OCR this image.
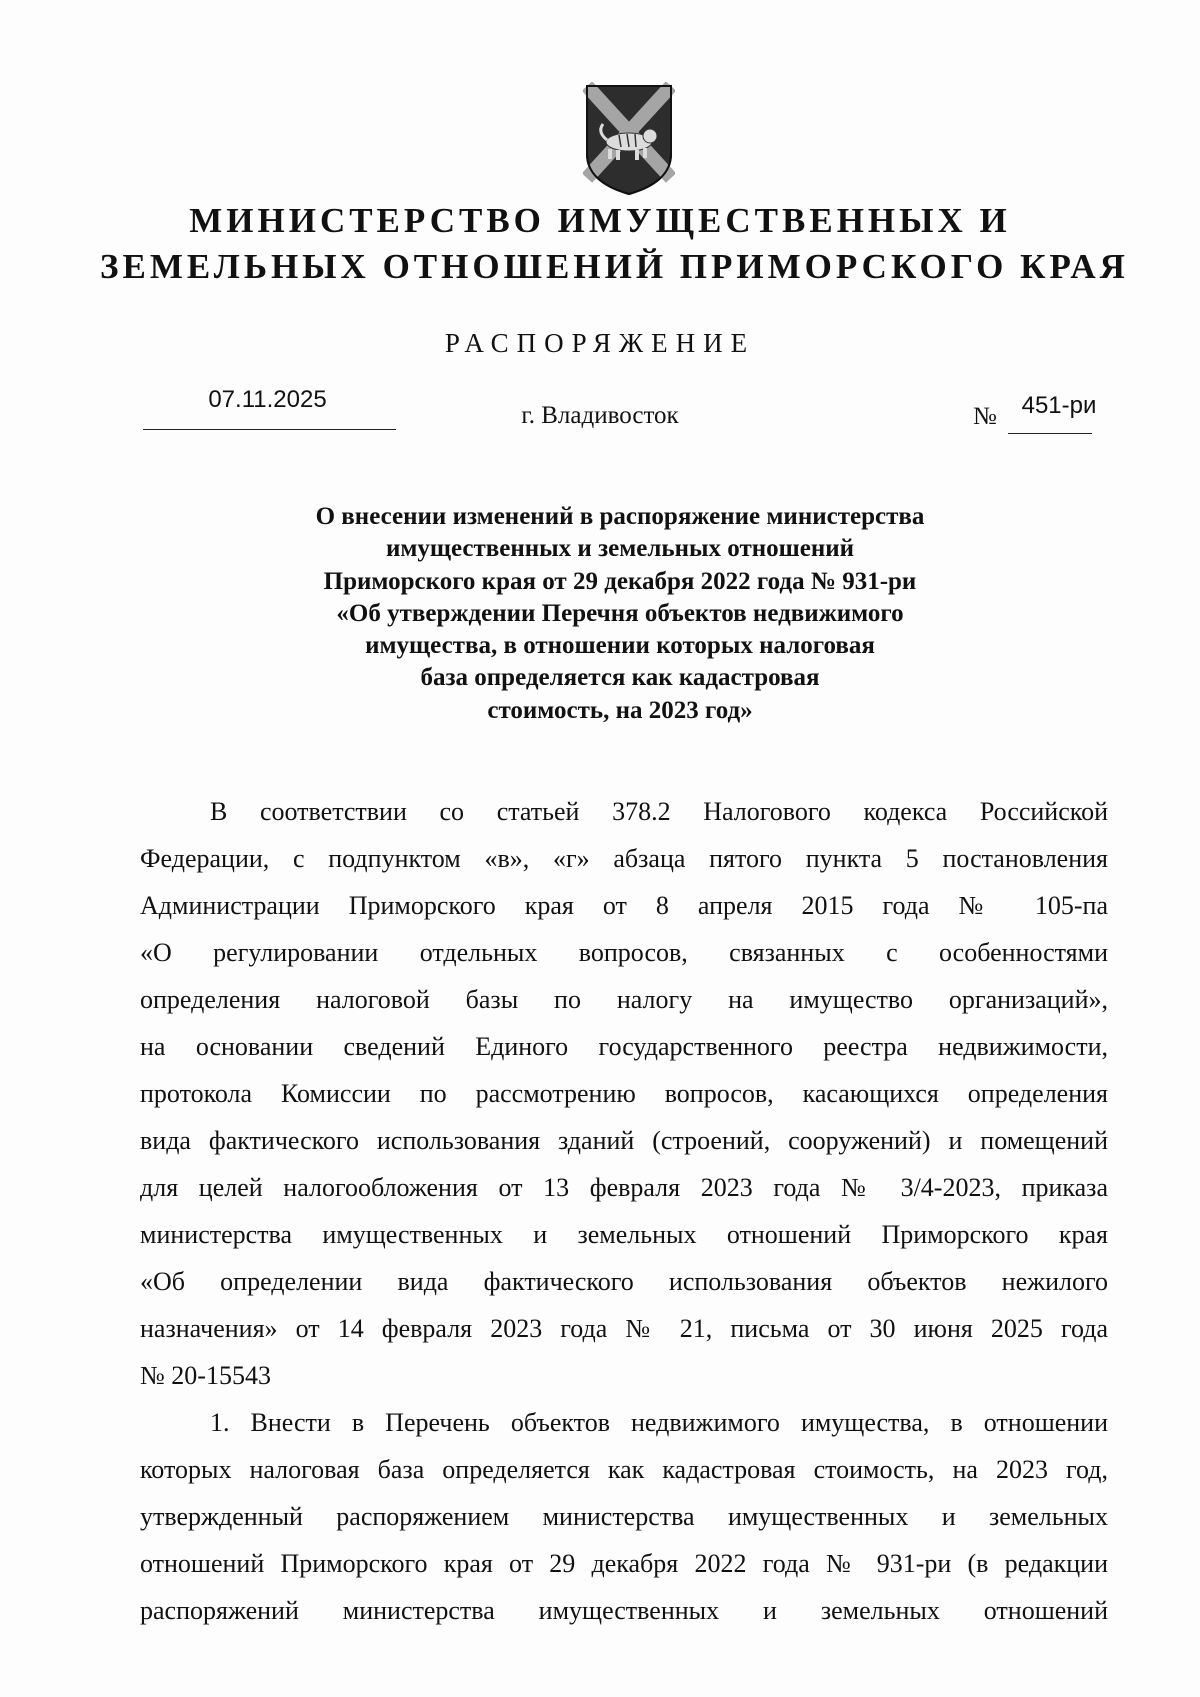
МИНИСТЕРСТВО ИМУЩЕСТВЕННЫХ И
ЗЕМЕЛЬНЫХ ОТНОШЕНИЙ ПРИМОРСКОГО КРАЯ
РАСПОРЯЖЕНИЕ
07.11.2025
г. Владивосток	№	451-ри
О внесении изменений в распоряжение министерства
имущественных и земельных отношений
Приморского края от 29 декабря 2022 года № 931-ри
«Об утверждении Перечня объектов недвижимого
имущества, в отношении которых налоговая
база определяется как кадастровая
стоимость, на 2023 год»
В соответствии со статьей 378.2 Налогового кодекса Российской
Федерации, с подпунктом «в», «г» абзаца пятого пункта 5 постановления
Администрации Приморского края от 8 апреля 2015 года № 105-па
«О регулировании отдельных вопросов, связанных с особенностями
определения налоговой базы по налогу на имущество организаций»,
на основании сведений Единого государственного реестра недвижимости,
протокола Комиссии по рассмотрению вопросов, касающихся определения
вида фактического использования зданий (строений, сооружений) и помещений
для целей налогообложения от 13 февраля 2023 года № 3/4-2023, приказа
министерства имущественных и земельных отношений Приморского края
«Об определении вида фактического использования объектов нежилого
назначения» от 14 февраля 2023 года № 21, письма от 30 июня 2025 года
№ 20-15543
1. Внести в Перечень объектов недвижимого имущества, в отношении
которых налоговая база определяется как кадастровая стоимость, на 2023 год,
утвержденный распоряжением министерства имущественных и земельных
отношений Приморского края от 29 декабря 2022 года № 931-ри (в редакции
распоряжений министерства имущественных и земельных отношений
